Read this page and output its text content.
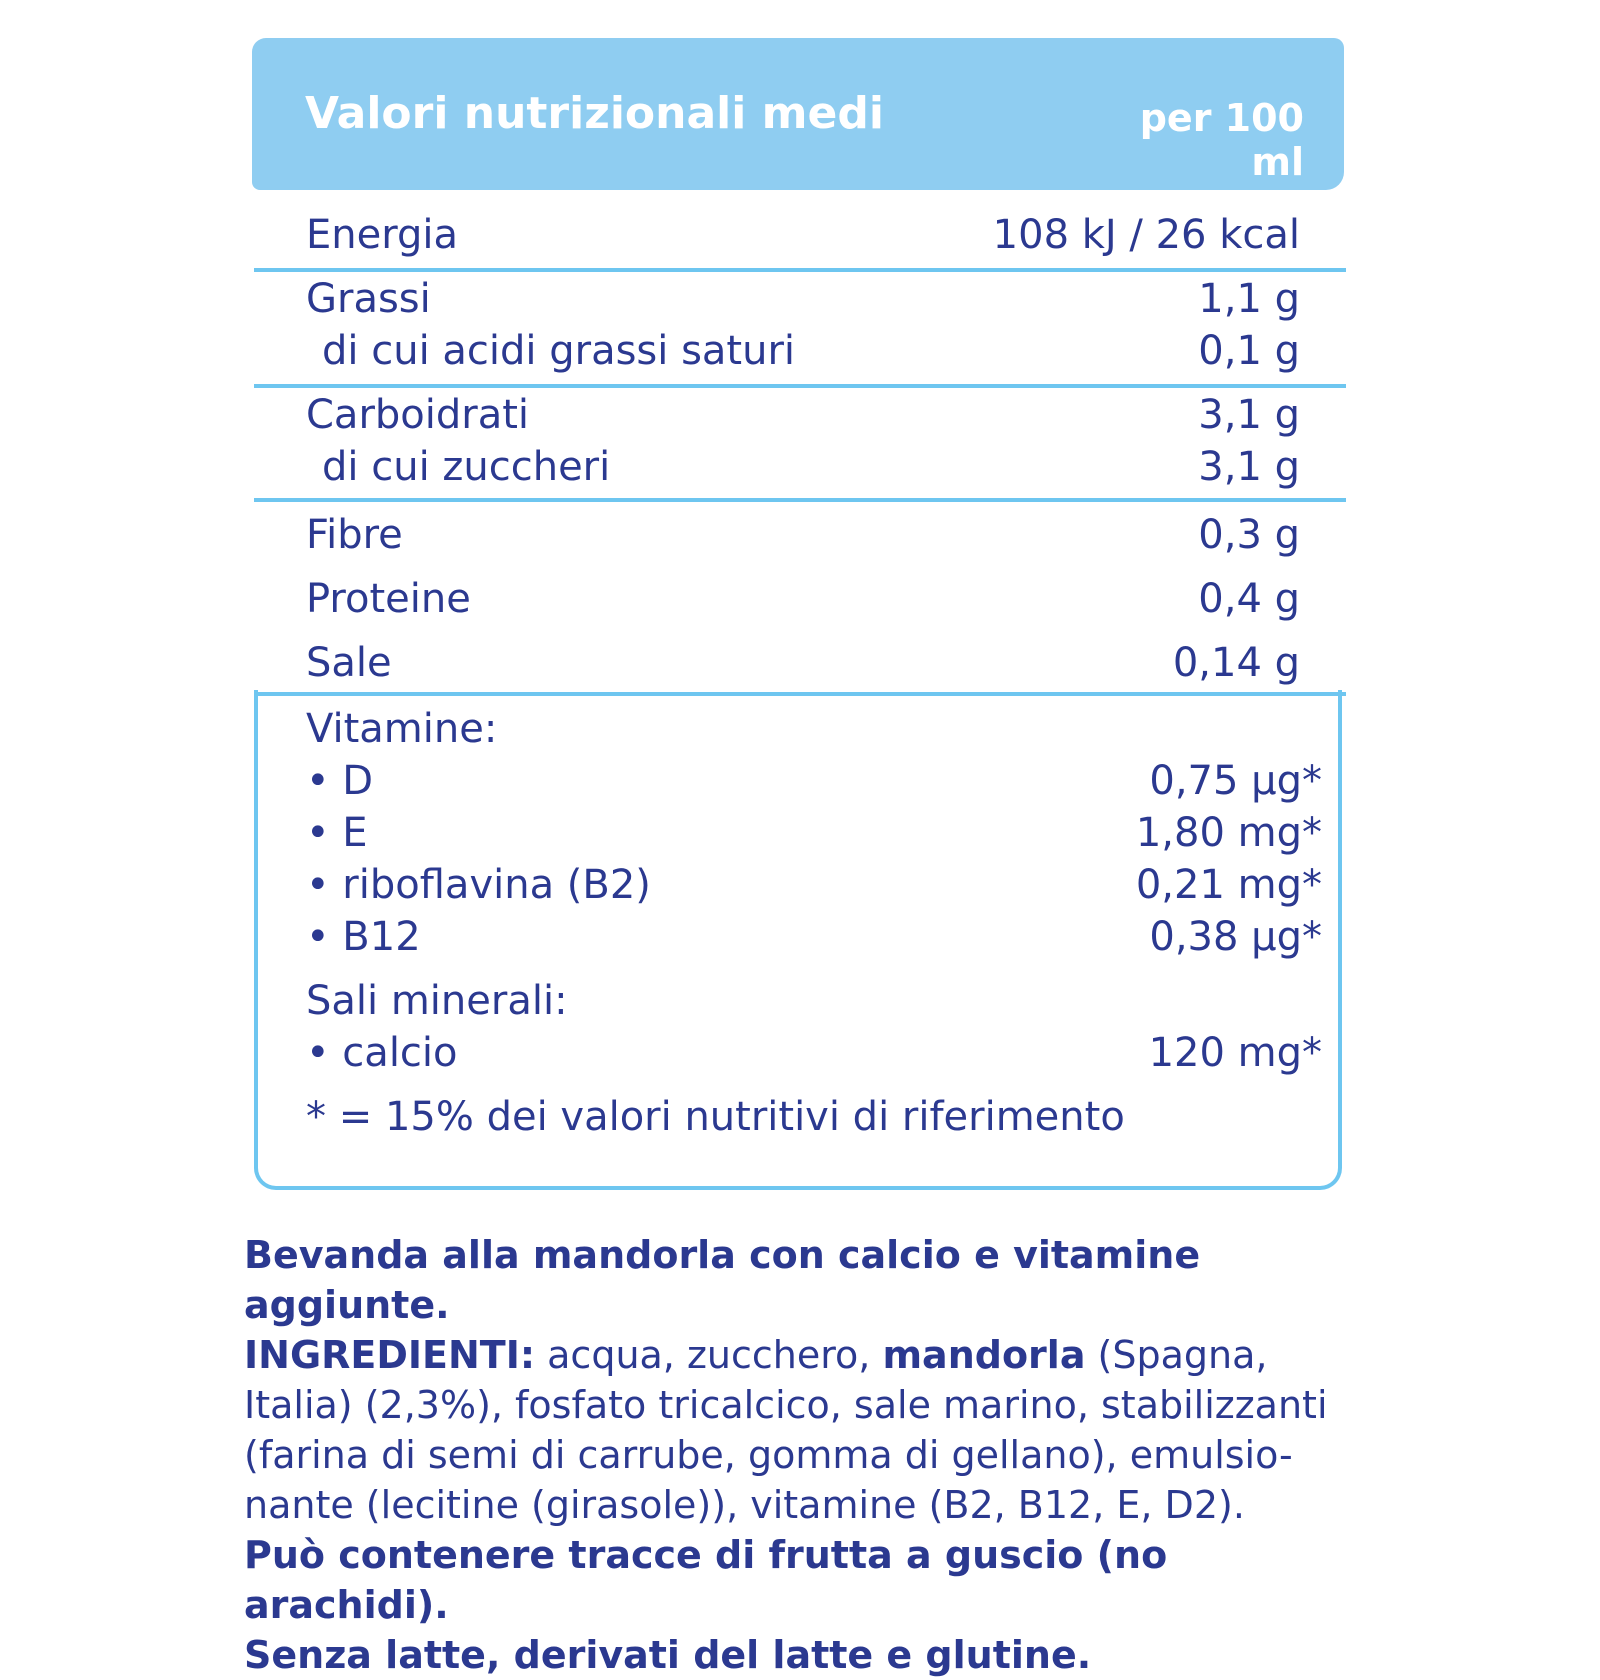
Valori nutrizionali medi	per 100 ml
Energia	108 kJ / 26 kcal
Grassi	1,1 g
di cui acidi grassi saturi	0,1 g
Carboidrati	3,1 g
di cui zuccheri	3,1 g
Fibre	0,3 g
Proteine	0,4 g
Sale	0,14 g
Vitamine:
• D	0,75 µg*
• E	1,80 mg*
• riboflavina (B2)	0,21 mg*
• B12	0,38 µg*
Sali minerali:
• calcio	120 mg*
* = 15% dei valori nutritivi di riferimento

Bevanda alla mandorla con calcio e vitamine aggiunte.

INGREDIENTI: acqua, zucchero, mandorla (Spagna, Italia) (2,3%), fosfato tricalcico, sale marino, stabilizzanti (farina di semi di carrube, gomma di gellano), emulsio-nante (lecitine (girasole)), vitamine (B2, B12, E, D2).

Può contenere tracce di frutta a guscio (no arachidi).

Senza latte, derivati del latte e glutine.
